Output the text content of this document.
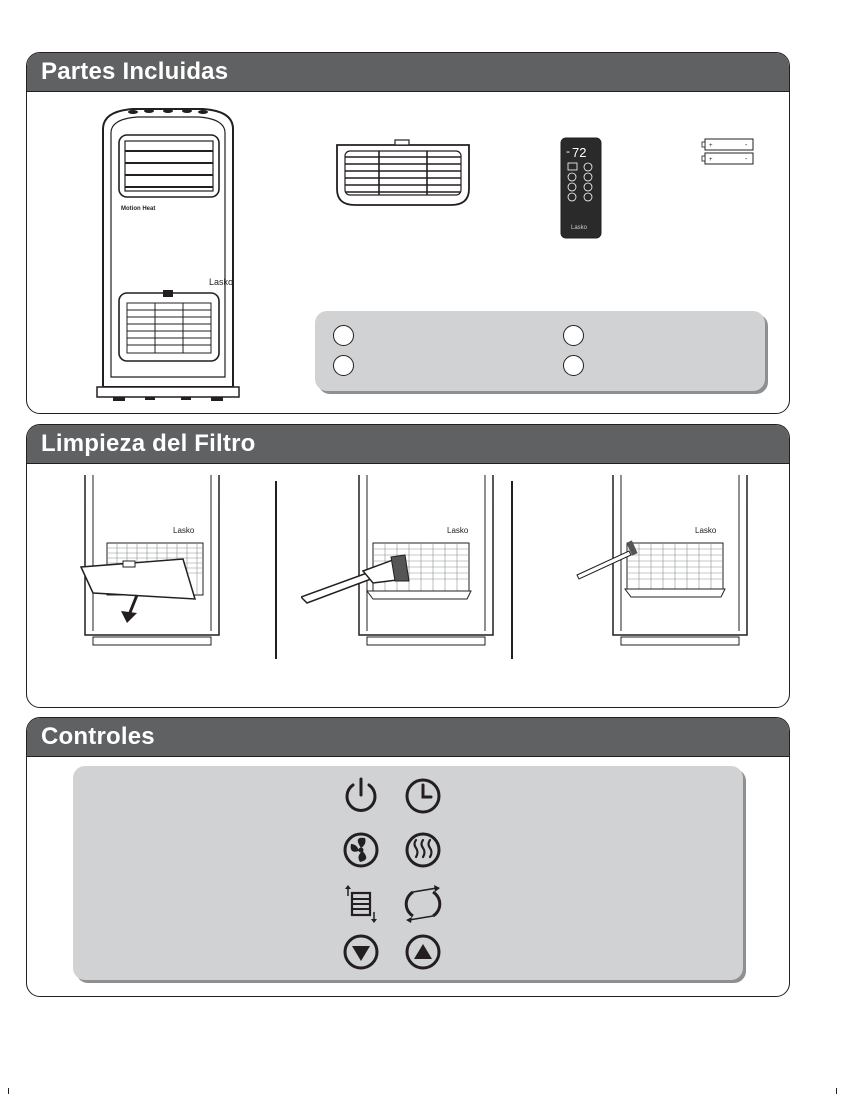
Partes Incluidas
Motion Heat
Lasko
- 72
Lasko
+	-
+	-
Limpieza del Filtro
Lasko	Lasko	Lasko
Controles
